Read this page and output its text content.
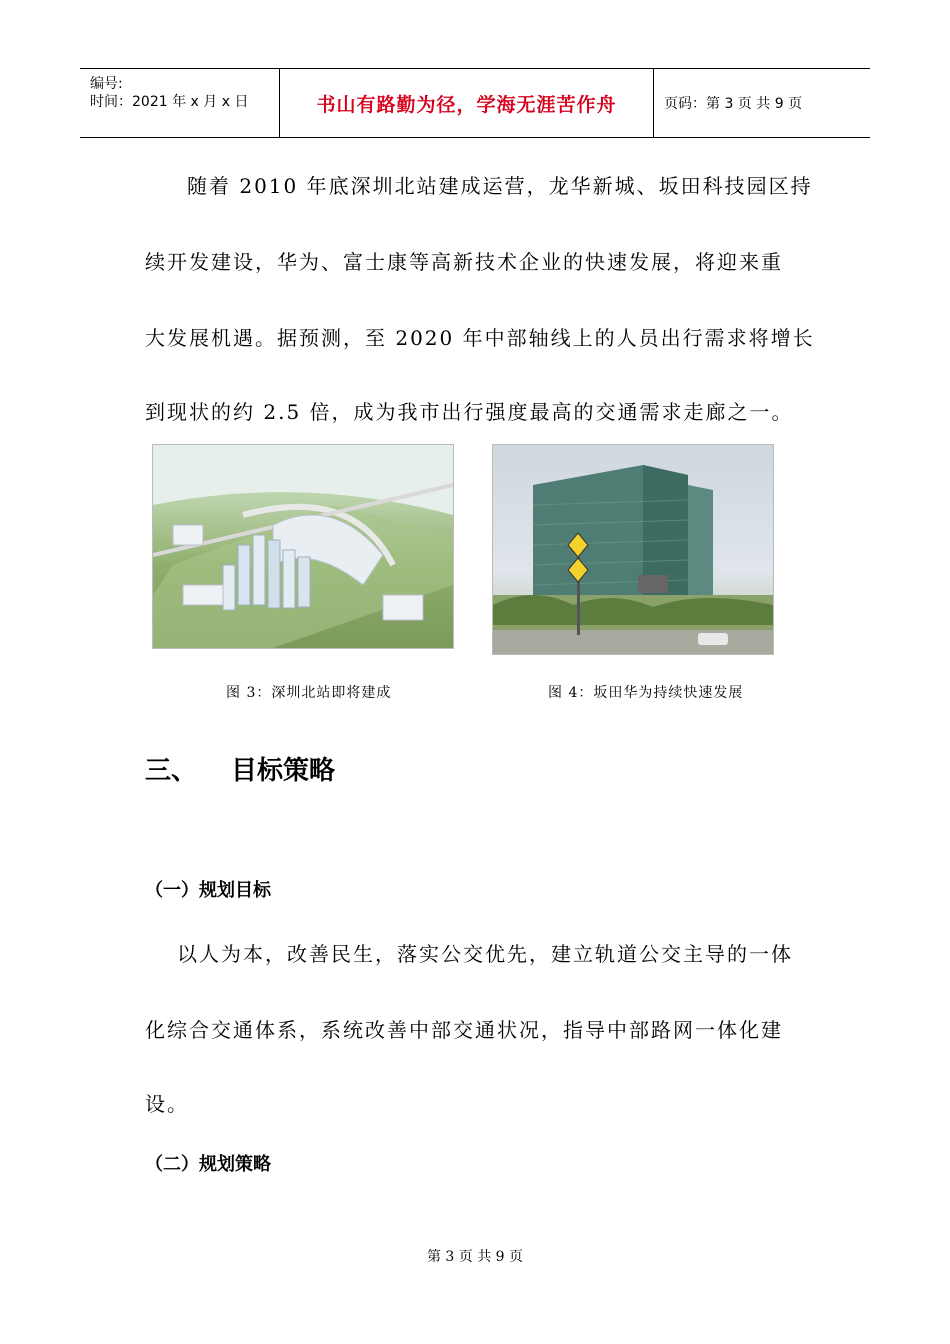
编号:
时间：2021 年 x 月 x 日	书山有路勤为径，学海无涯苦作舟	页码：第 3 页 共 9 页
随着 2010 年底深圳北站建成运营，龙华新城、坂田科技园区持
续开发建设，华为、富士康等高新技术企业的快速发展，将迎来重
大发展机遇。据预测，至 2020 年中部轴线上的人员出行需求将增长
到现状的约 2.5 倍，成为我市出行强度最高的交通需求走廊之一。
图 3：深圳北站即将建成	图 4：坂田华为持续快速发展
三、 目标策略
（一）规划目标
以人为本，改善民生，落实公交优先，建立轨道公交主导的一体
化综合交通体系，系统改善中部交通状况，指导中部路网一体化建
设。
（二）规划策略
第 3 页 共 9 页
